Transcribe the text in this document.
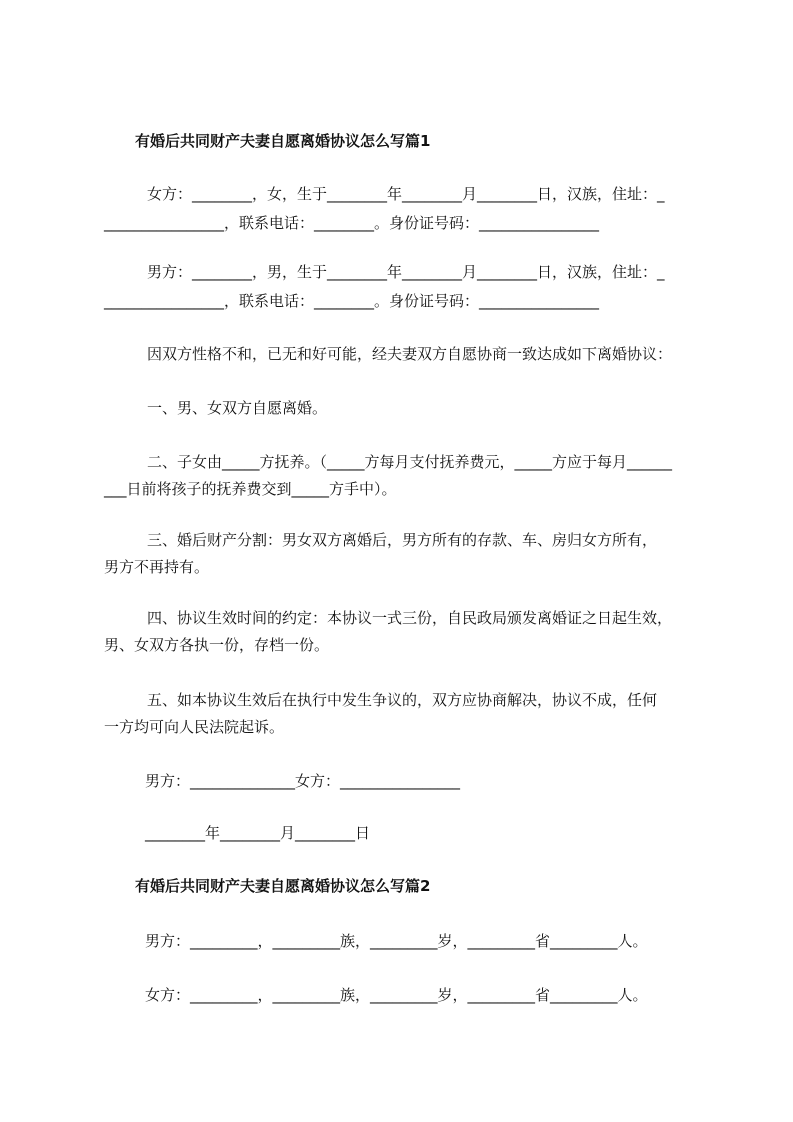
有婚后共同财产夫妻自愿离婚协议怎么写篇1
女方：________，女，生于________年________月________日，汉族，住址：_
________________，联系电话：________。身份证号码：________________
男方：________，男，生于________年________月________日，汉族，住址：_
________________，联系电话：________。身份证号码：________________
因双方性格不和，已无和好可能，经夫妻双方自愿协商一致达成如下离婚协议：
一、男、女双方自愿离婚。
二、子女由_____方抚养。（_____方每月支付抚养费元，_____方应于每月______
___日前将孩子的抚养费交到_____方手中）。
三、婚后财产分割：男女双方离婚后，男方所有的存款、车、房归女方所有，
男方不再持有。
四、协议生效时间的约定：本协议一式三份，自民政局颁发离婚证之日起生效，
男、女双方各执一份，存档一份。
五、如本协议生效后在执行中发生争议的，双方应协商解决，协议不成，任何
一方均可向人民法院起诉。
男方：______________女方：________________
________年________月________日
有婚后共同财产夫妻自愿离婚协议怎么写篇2
男方：_________，_________族，_________岁，_________省_________人。
女方：_________，_________族，_________岁，_________省_________人。
